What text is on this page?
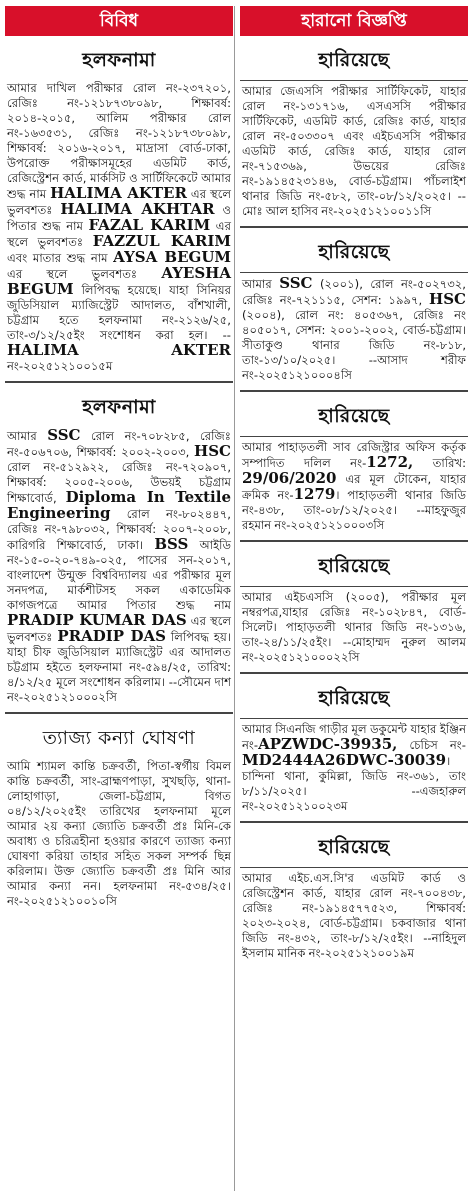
বিবিধ
হলফনামা
আমার দাখিল পরীক্ষার রোল নং-২৩৭২০১, রেজিঃ নং-১২১৮৭৩৮০৯৮, শিক্ষাবর্ষ: ২০১৪-২০১৫, আলিম পরীক্ষার রোল নং-১৬৩৫৩১, রেজিঃ নং-১২১৮৭৩৮০৯৮, শিক্ষাবর্ষ: ২০১৬-২০১৭, মাদ্রাসা বোর্ড-ঢাকা, উপরোক্ত পরীক্ষাসমূহের এডমিট কার্ড, রেজিস্ট্রেশন কার্ড, মার্কসিট ও সার্টিফিকেটে আমার শুদ্ধ নাম HALIMA AKTER এর স্থলে ভুলবশতঃ HALIMA AKHTAR ও পিতার শুদ্ধ নাম FAZAL KARIM এর স্থলে ভুলবশতঃ FAZZUL KARIM এবং মাতার শুদ্ধ নাম AYSA BEGUM এর স্থলে ভুলবশতঃ AYESHA BEGUM লিপিবদ্ধ হয়েছে। যাহা সিনিয়র জুডিসিয়াল ম্যাজিস্ট্রেট আদালত, বাঁশখালী, চট্টগ্রাম হতে হলফনামা নং-২১২৬/২৫, তাং-৩/১২/২৫ইং সংশোধন করা হল। --HALIMA AKTER নং-২০২৫১২১০০১৫ম
হলফনামা
আমার SSC রোল নং-৭০৮২৮৫, রেজিঃ নং-৫০৬৭০৬, শিক্ষাবর্ষ: ২০০২-২০০৩, HSC রোল নং-৫১২৯২২, রেজিঃ নং-৭২০৯০৭, শিক্ষাবর্ষ: ২০০৫-২০০৬, উভয়ই চট্টগ্রাম শিক্ষাবোর্ড, Diploma In Textile Engineering রোল নং-৮০২৪৪৭, রেজিঃ নং-৭৯৮০৩২, শিক্ষাবর্ষ: ২০০৭-২০০৮, কারিগরি শিক্ষাবোর্ড, ঢাকা। BSS আইডি নং-১৫-০-২০-৭৪৯-০২৫, পাসের সন-২০১৭, বাংলাদেশ উন্মুক্ত বিশ্ববিদ্যালয় এর পরীক্ষার মূল সনদপত্র, মার্কশীটসহ সকল একাডেমিক কাগজপত্রে আমার পিতার শুদ্ধ নাম PRADIP KUMAR DAS এর স্থলে ভুলবশতঃ PRADIP DAS লিপিবদ্ধ হয়। যাহা চীফ জুডিসিয়াল ম্যাজিস্ট্রেট এর আদালত চট্টগ্রাম হইতে হলফনামা নং-৫৯৪/২৫, তারিখ: ৪/১২/২৫ মূলে সংশোধন করিলাম। --সৌমেন দাশ নং-২০২৫১২১০০০২সি
ত্যাজ্য কন্যা ঘোষণা
আমি শ্যামল কান্তি চক্রবর্তী, পিতা-স্বর্গীয় বিমল কান্তি চক্রবর্তী, সাং-ব্রাহ্মণপাড়া, সুখছড়ি, থানা-লোহাগাড়া, জেলা-চট্টগ্রাম, বিগত ০৪/১২/২০২৫ইং তারিখের হলফনামা মূলে আমার ২য় কন্যা জ্যোতি চক্রবর্তী প্রঃ মিনি-কে অবাধ্য ও চরিত্রহীনা হওয়ার কারণে ত্যাজ্য কন্যা ঘোষণা করিয়া তাহার সহিত সকল সম্পর্ক ছিন্ন করিলাম। উক্ত জ্যোতি চক্রবর্তী প্রঃ মিনি আর আমার কন্যা নন। হলফনামা নং-৫৩৪/২৫। নং-২০২৫১২১০০১০সি
হারানো বিজ্ঞপ্তি
হারিয়েছে
আমার জেএসসি পরীক্ষার সার্টিফিকেট, যাহার রোল নং-১৩১৭১৬, এসএসসি পরীক্ষার সার্টিফিকেট, এডমিট কার্ড, রেজিঃ কার্ড, যাহার রোল নং-৫০৩৩০৭ এবং এইচএসসি পরীক্ষার এডমিট কার্ড, রেজিঃ কার্ড, যাহার রোল নং-৭১৫৩৬৯, উভয়ের রেজিঃ নং-১৯১৪৫২৩১৪৬, বোর্ড-চট্টগ্রাম। পাঁচলাইশ থানার জিডি নং-৫৮২, তাং-০৮/১২/২০২৫। --মোঃ আল হাসিব নং-২০২৫১২১০০১১সি
হারিয়েছে
আমার SSC (২০০১), রোল নং-৫০২৭৩২, রেজিঃ নং-৭২১১১৫, সেশন: ১৯৯৭, HSC (২০০৪), রোল নং: ৪০৫৩৬৭, রেজিঃ নং ৪০৫০১৭, সেশন: ২০০১-২০০২, বোর্ড-চট্টগ্রাম। সীতাকুণ্ড থানার জিডি নং-৮১৮, তাং-১৩/১০/২০২৫। --আসাদ শরীফ নং-২০২৫১২১০০০৪সি
হারিয়েছে
আমার পাহাড়তলী সাব রেজিস্ট্রার অফিস কর্তৃক সম্পাদিত দলিল নং-1272, তারিখ: 29/06/2020 এর মূল টোকেন, যাহার ক্রমিক নং-1279। পাহাড়তলী থানার জিডি নং-৪৩৮, তাং-০৮/১২/২০২৫। --মাহফুজুর রহমান নং-২০২৫১২১০০০৩সি
হারিয়েছে
আমার এইচএসসি (২০০৫), পরীক্ষার মূল নম্বরপত্র,যাহার রেজিঃ নং-১০২৮৪৭, বোর্ড-সিলেট। পাহাড়তলী থানার জিডি নং-১৩১৬, তাং-২৪/১১/২৫ইং। --মোহাম্মদ নুরুল আলম নং-২০২৫১২১০০০২২সি
হারিয়েছে
আমার সিএনজি গাড়ীর মূল ডকুমেন্ট যাহার ইঞ্জিন নং-APZWDC-39935, চেচিস নং-MD2444A26DWC-30039। চান্দিনা থানা, কুমিল্লা, জিডি নং-৩৬১, তাং ৮/১১/২০২৫। --এজহারুল নং-২০২৫১২১০০২৩ম
হারিয়েছে
আমার এইচ.এস.সি'র এডমিট কার্ড ও রেজিস্ট্রেশন কার্ড, যাহার রোল নং-৭০০৪৩৮, রেজিঃ নং-১৯১৪৫৭৭৫২৩, শিক্ষাবর্ষ: ২০২৩-২০২৪, বোর্ড-চট্টগ্রাম। চকবাজার থানা জিডি নং-৪৩২, তাং-৮/১২/২৫ইং। --নাহিদুল ইসলাম মানিক নং-২০২৫১২১০০১৯ম
